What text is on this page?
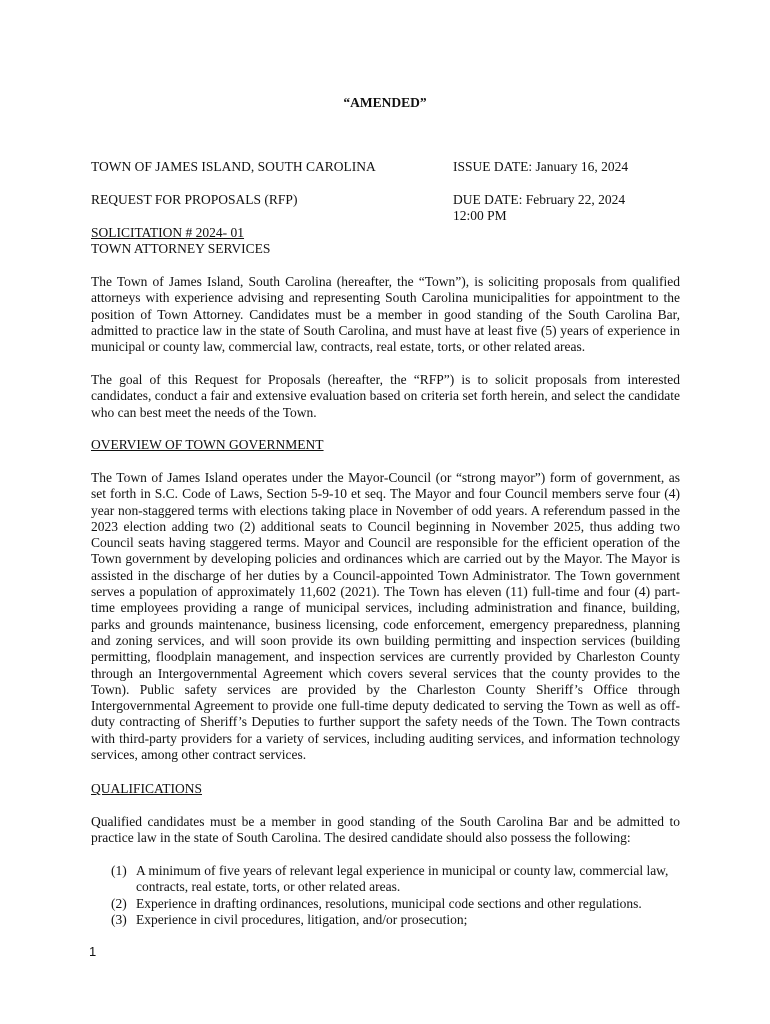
“AMENDED”
TOWN OF JAMES ISLAND, SOUTH CAROLINA	ISSUE DATE: January 16, 2024
REQUEST FOR PROPOSALS (RFP)	DUE DATE: February 22, 2024
12:00 PM
SOLICITATION # 2024- 01
TOWN ATTORNEY SERVICES
The Town of James Island, South Carolina (hereafter, the “Town”), is soliciting proposals from qualified attorneys with experience advising and representing South Carolina municipalities for appointment to the position of Town Attorney. Candidates must be a member in good standing of the South Carolina Bar, admitted to practice law in the state of South Carolina, and must have at least five (5) years of experience in municipal or county law, commercial law, contracts, real estate, torts, or other related areas.
The goal of this Request for Proposals (hereafter, the “RFP”) is to solicit proposals from interested candidates, conduct a fair and extensive evaluation based on criteria set forth herein, and select the candidate who can best meet the needs of the Town.
OVERVIEW OF TOWN GOVERNMENT
The Town of James Island operates under the Mayor-Council (or “strong mayor”) form of government, as set forth in S.C. Code of Laws, Section 5-9-10 et seq. The Mayor and four Council members serve four (4) year non-staggered terms with elections taking place in November of odd years. A referendum passed in the 2023 election adding two (2) additional seats to Council beginning in November 2025, thus adding two Council seats having staggered terms. Mayor and Council are responsible for the efficient operation of the Town government by developing policies and ordinances which are carried out by the Mayor. The Mayor is assisted in the discharge of her duties by a Council-appointed Town Administrator. The Town government serves a population of approximately 11,602 (2021). The Town has eleven (11) full-time and four (4) part-time employees providing a range of municipal services, including administration and finance, building, parks and grounds maintenance, business licensing, code enforcement, emergency preparedness, planning and zoning services, and will soon provide its own building permitting and inspection services (building permitting, floodplain management, and inspection services are currently provided by Charleston County through an Intergovernmental Agreement which covers several services that the county provides to the Town). Public safety services are provided by the Charleston County Sheriff’s Office through Intergovernmental Agreement to provide one full-time deputy dedicated to serving the Town as well as off-duty contracting of Sheriff’s Deputies to further support the safety needs of the Town. The Town contracts with third-party providers for a variety of services, including auditing services, and information technology services, among other contract services.
QUALIFICATIONS
Qualified candidates must be a member in good standing of the South Carolina Bar and be admitted to practice law in the state of South Carolina. The desired candidate should also possess the following:
(1) A minimum of five years of relevant legal experience in municipal or county law, commercial law, contracts, real estate, torts, or other related areas.
(2) Experience in drafting ordinances, resolutions, municipal code sections and other regulations.
(3) Experience in civil procedures, litigation, and/or prosecution;
1
